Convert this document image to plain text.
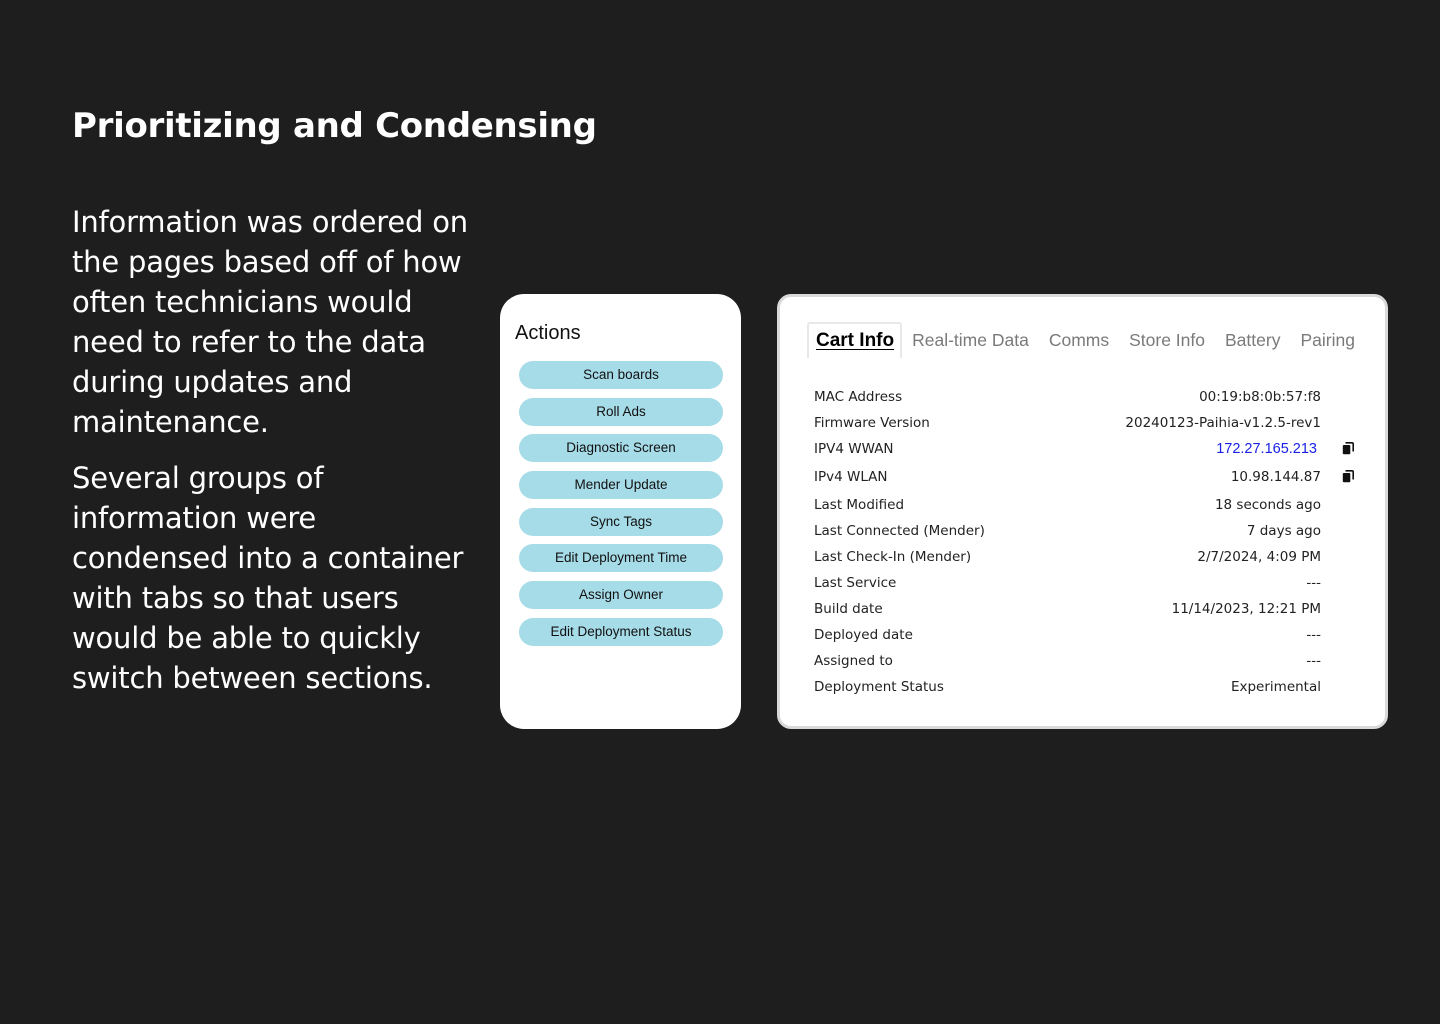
Prioritizing and Condensing

Information was ordered on the pages based off of how often technicians would need to refer to the data during updates and maintenance.

Several groups of information were condensed into a container with tabs so that users would be able to quickly switch between sections.

Actions
Scan boards
Roll Ads
Diagnostic Screen
Mender Update
Sync Tags
Edit Deployment Time
Assign Owner
Edit Deployment Status
Cart Info	Real-time Data	Comms	Store Info	Battery	Pairing
MAC Address	00:19:b8:0b:57:f8
Firmware Version	20240123-Paihia-v1.2.5-rev1
IPV4 WWAN	172.27.165.213
IPv4 WLAN	10.98.144.87
Last Modified	18 seconds ago
Last Connected (Mender)	7 days ago
Last Check-In (Mender)	2/7/2024, 4:09 PM
Last Service	---
Build date	11/14/2023, 12:21 PM
Deployed date	---
Assigned to	---
Deployment Status	Experimental
